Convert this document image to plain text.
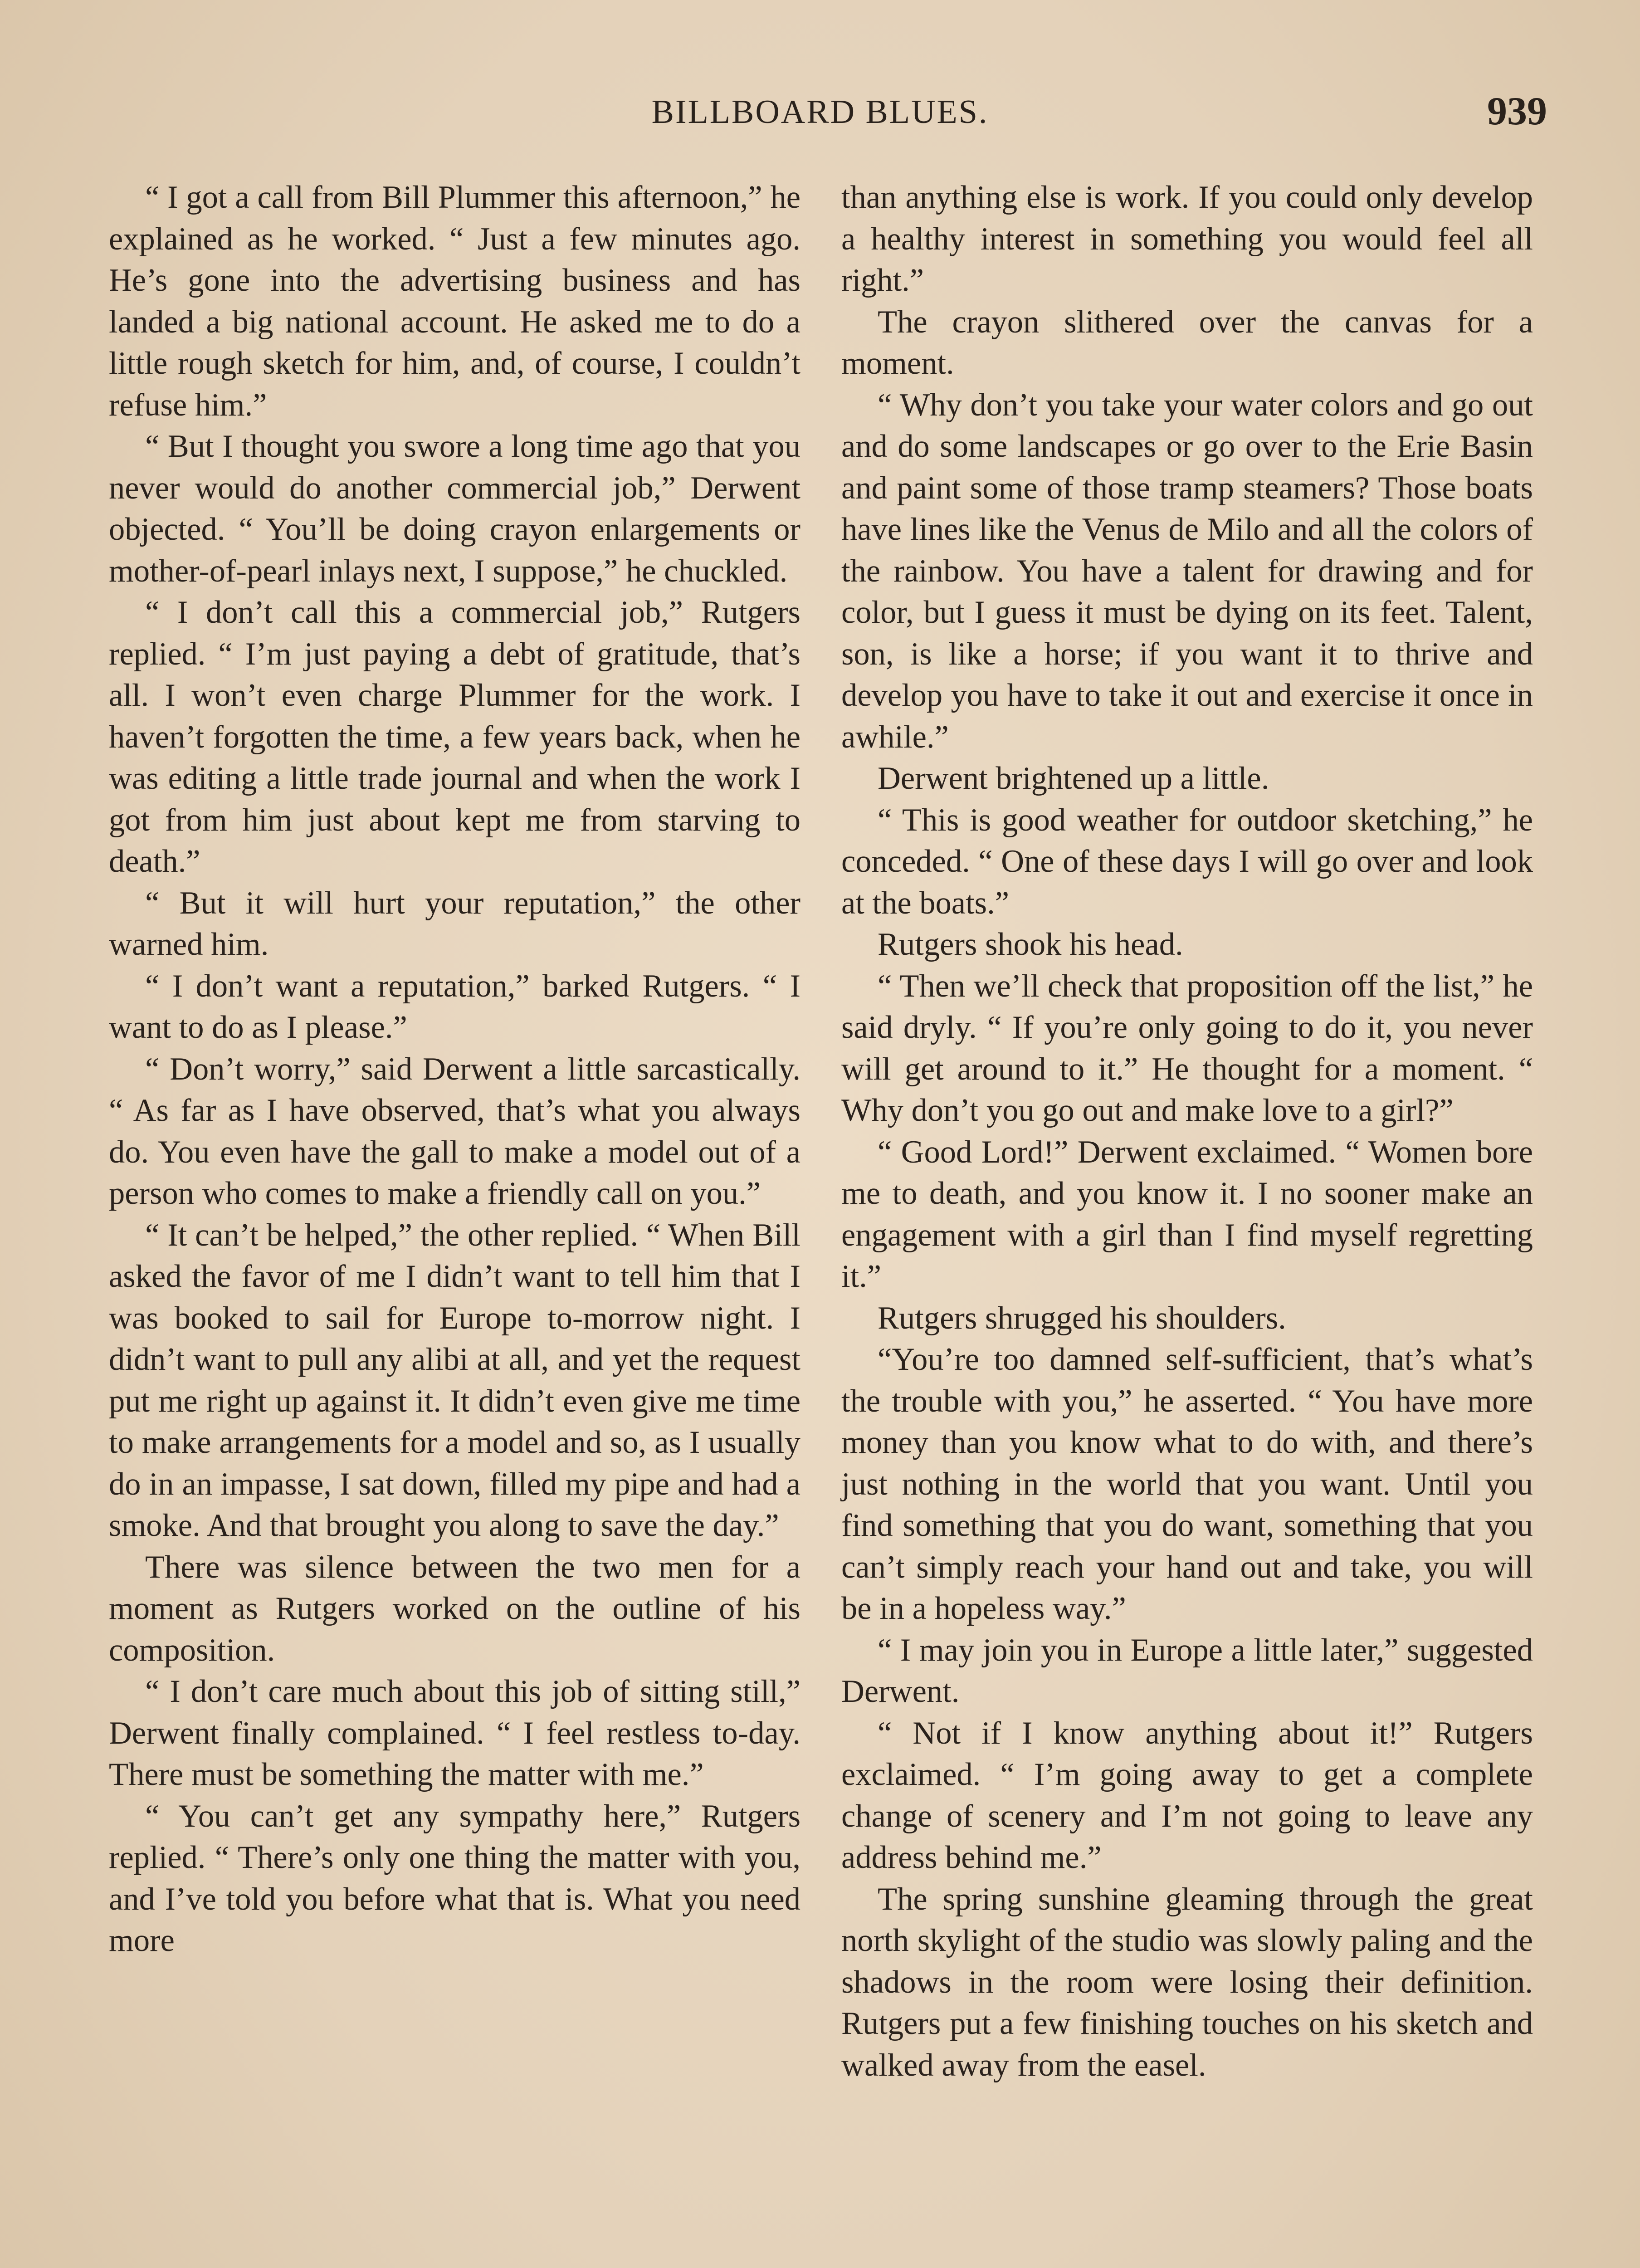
BILLBOARD BLUES.	939

“ I got a call from Bill Plummer this afternoon,” he explained as he worked. “ Just a few minutes ago. He’s gone into the advertising business and has landed a big national account. He asked me to do a little rough sketch for him, and, of course, I couldn’t refuse him.”

“ But I thought you swore a long time ago that you never would do another commercial job,” Derwent objected. “ You’ll be doing crayon enlargements or mother-of-pearl inlays next, I suppose,” he chuckled.

“ I don’t call this a commercial job,” Rutgers replied. “ I’m just paying a debt of gratitude, that’s all. I won’t even charge Plummer for the work. I haven’t forgotten the time, a few years back, when he was editing a little trade journal and when the work I got from him just about kept me from starving to death.”

“ But it will hurt your reputation,” the other warned him.

“ I don’t want a reputation,” barked Rutgers. “ I want to do as I please.”

“ Don’t worry,” said Derwent a little sarcastically. “ As far as I have observed, that’s what you always do. You even have the gall to make a model out of a person who comes to make a friendly call on you.”

“ It can’t be helped,” the other replied. “ When Bill asked the favor of me I didn’t want to tell him that I was booked to sail for Europe to-morrow night. I didn’t want to pull any alibi at all, and yet the request put me right up against it. It didn’t even give me time to make arrangements for a model and so, as I usually do in an impasse, I sat down, filled my pipe and had a smoke. And that brought you along to save the day.”

There was silence between the two men for a moment as Rutgers worked on the outline of his composition.

“ I don’t care much about this job of sitting still,” Derwent finally complained. “ I feel restless to-day. There must be something the matter with me.”

“ You can’t get any sympathy here,” Rutgers replied. “ There’s only one thing the matter with you, and I’ve told you before what that is. What you need more

than anything else is work. If you could only develop a healthy interest in something you would feel all right.”

The crayon slithered over the canvas for a moment.

“ Why don’t you take your water colors and go out and do some landscapes or go over to the Erie Basin and paint some of those tramp steamers? Those boats have lines like the Venus de Milo and all the colors of the rainbow. You have a talent for drawing and for color, but I guess it must be dying on its feet. Talent, son, is like a horse; if you want it to thrive and develop you have to take it out and exercise it once in awhile.”

Derwent brightened up a little.

“ This is good weather for outdoor sketching,” he conceded. “ One of these days I will go over and look at the boats.”

Rutgers shook his head.

“ Then we’ll check that proposition off the list,” he said dryly. “ If you’re only going to do it, you never will get around to it.” He thought for a moment. “ Why don’t you go out and make love to a girl?”

“ Good Lord!” Derwent exclaimed. “ Women bore me to death, and you know it. I no sooner make an engagement with a girl than I find myself regretting it.”

Rutgers shrugged his shoulders.

“You’re too damned self-sufficient, that’s what’s the trouble with you,” he asserted. “ You have more money than you know what to do with, and there’s just nothing in the world that you want. Until you find something that you do want, something that you can’t simply reach your hand out and take, you will be in a hopeless way.”

“ I may join you in Europe a little later,” suggested Derwent.

“ Not if I know anything about it!” Rutgers exclaimed. “ I’m going away to get a complete change of scenery and I’m not going to leave any address behind me.”

The spring sunshine gleaming through the great north skylight of the studio was slowly paling and the shadows in the room were losing their definition. Rutgers put a few finishing touches on his sketch and walked away from the easel.
